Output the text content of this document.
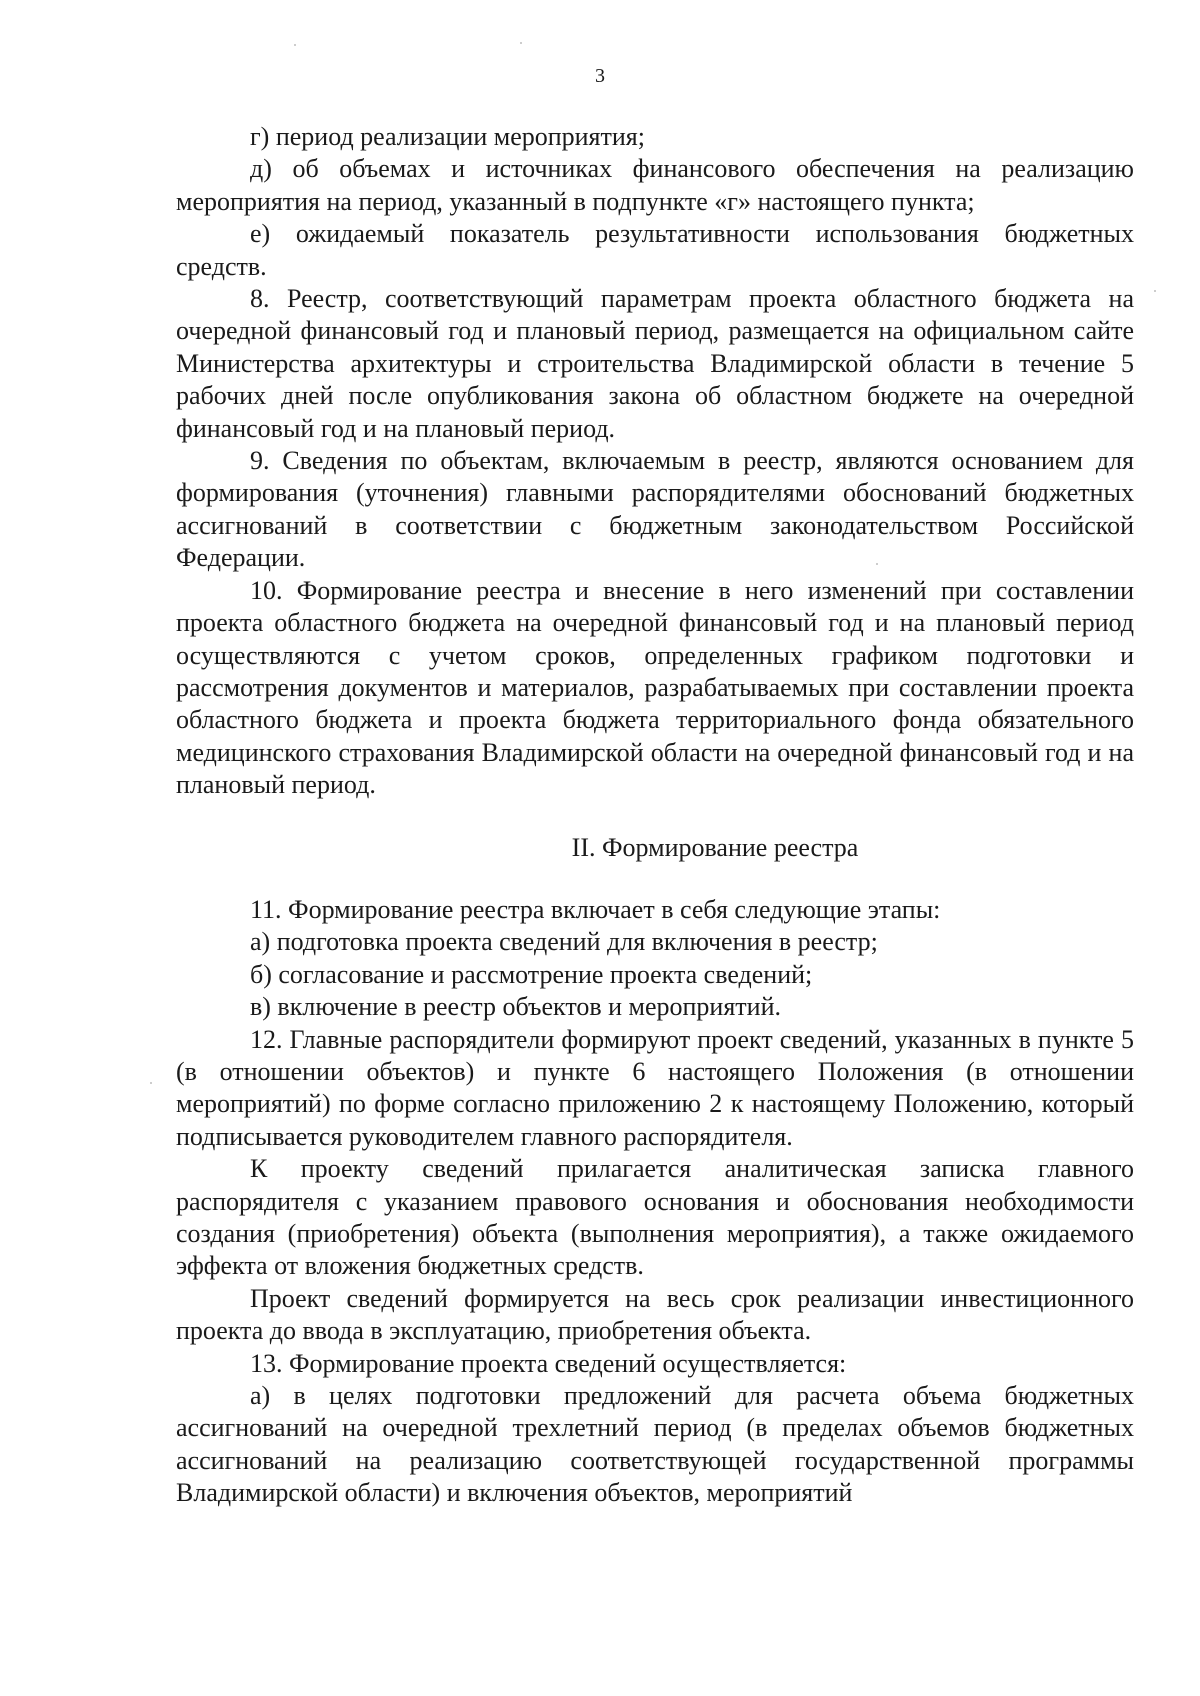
3

г) период реализации мероприятия;

д) об объемах и источниках финансового обеспечения на реализацию мероприятия на период, указанный в подпункте «г» настоящего пункта;

е) ожидаемый показатель результативности использования бюджетных средств.

8. Реестр, соответствующий параметрам проекта областного бюджета на очередной финансовый год и плановый период, размещается на официальном сайте Министерства архитектуры и строительства Владимирской области в течение 5 рабочих дней после опубликования закона об областном бюджете на очередной финансовый год и на плановый период.

9. Сведения по объектам, включаемым в реестр, являются основанием для формирования (уточнения) главными распорядителями обоснований бюджетных ассигнований в соответствии с бюджетным законодательством Российской Федерации.

10. Формирование реестра и внесение в него изменений при составлении проекта областного бюджета на очередной финансовый год и на плановый период осуществляются с учетом сроков, определенных графиком подготовки и рассмотрения документов и материалов, разрабатываемых при составлении проекта областного бюджета и проекта бюджета территориального фонда обязательного медицинского страхования Владимирской области на очередной финансовый год и на плановый период.

II. Формирование реестра

11. Формирование реестра включает в себя следующие этапы:

а) подготовка проекта сведений для включения в реестр;

б) согласование и рассмотрение проекта сведений;

в) включение в реестр объектов и мероприятий.

12. Главные распорядители формируют проект сведений, указанных в пункте 5 (в отношении объектов) и пункте 6 настоящего Положения (в отношении мероприятий) по форме согласно приложению 2 к настоящему Положению, который подписывается руководителем главного распорядителя.

К проекту сведений прилагается аналитическая записка главного распорядителя с указанием правового основания и обоснования необходимости создания (приобретения) объекта (выполнения мероприятия), а также ожидаемого эффекта от вложения бюджетных средств.

Проект сведений формируется на весь срок реализации инвестиционного проекта до ввода в эксплуатацию, приобретения объекта.

13. Формирование проекта сведений осуществляется:

а) в целях подготовки предложений для расчета объема бюджетных ассигнований на очередной трехлетний период (в пределах объемов бюджетных ассигнований на реализацию соответствующей государственной программы Владимирской области) и включения объектов, мероприятий
